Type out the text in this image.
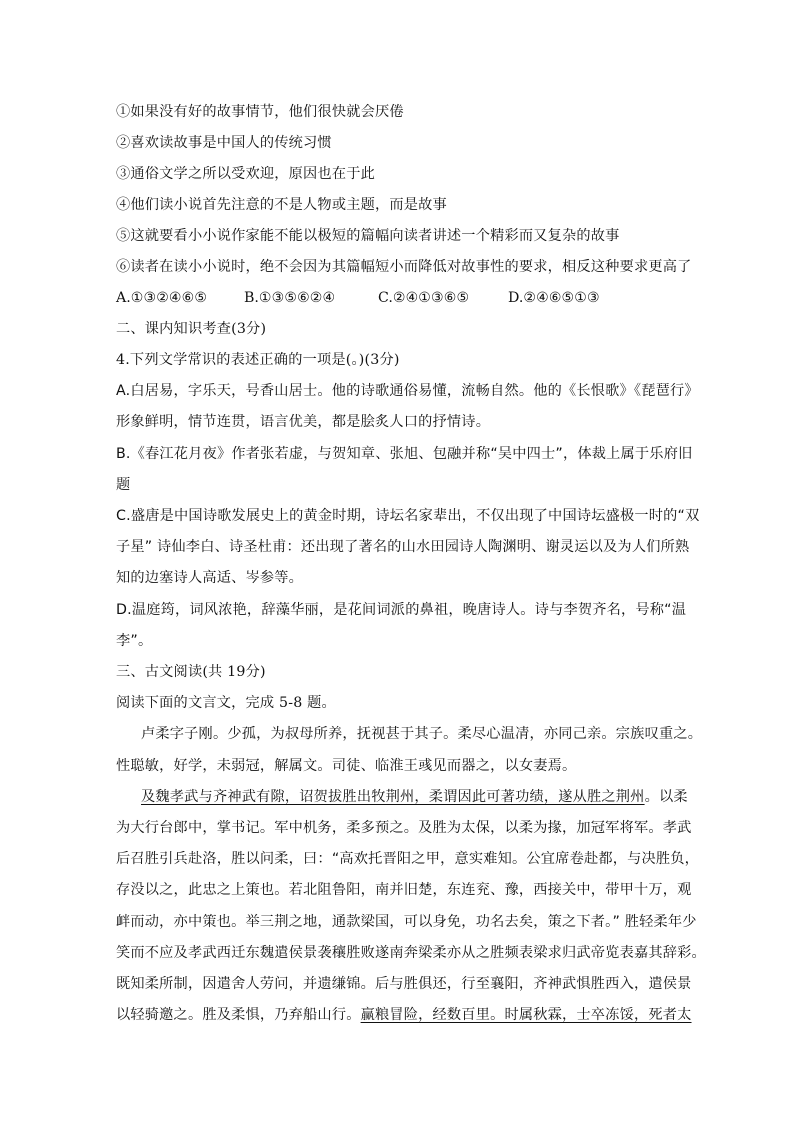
①如果没有好的故事情节，他们很快就会厌倦
②喜欢读故事是中国人的传统习惯
③通俗文学之所以受欢迎，原因也在于此
④他们读小说首先注意的不是人物或主题，而是故事
⑤这就要看小小说作家能不能以极短的篇幅向读者讲述一个精彩而又复杂的故事
⑥读者在读小小说时，绝不会因为其篇幅短小而降低对故事性的要求，相反这种要求更高了
A.①③②④⑥⑤	B.①③⑤⑥②④	C.②④①③⑥⑤	D.②④⑥⑤①③
二、课内知识考查(3分)
4.下列文学常识的表述正确的一项是(。)(3分)
A.白居易，字乐天，号香山居士。他的诗歌通俗易懂，流畅自然。他的《长恨歌》《琵琶行》
形象鲜明，情节连贯，语言优美，都是脍炙人口的抒情诗。
B.《春江花月夜》作者张若虚，与贺知章、张旭、包融并称“吴中四士”，体裁上属于乐府旧
题
C.盛唐是中国诗歌发展史上的黄金时期，诗坛名家辈出，不仅出现了中国诗坛盛极一时的“双
子星” 诗仙李白、诗圣杜甫：还出现了著名的山水田园诗人陶渊明、谢灵运以及为人们所熟
知的边塞诗人高适、岑参等。
D.温庭筠，词风浓艳，辞藻华丽，是花间词派的鼻祖，晚唐诗人。诗与李贺齐名，号称“温
李”。
三、古文阅读(共 19分)
阅读下面的文言文，完成 5-8 题。
卢柔字子刚。少孤，为叔母所养，抚视甚于其子。柔尽心温凊，亦同己亲。宗族叹重之。
性聪敏，好学，未弱冠，解属文。司徒、临淮王彧见而器之，以女妻焉。
及魏孝武与齐神武有隙，诏贺拔胜出牧荆州，柔谓因此可著功绩，遂从胜之荆州。以柔
为大行台郎中，掌书记。军中机务，柔多预之。及胜为太保，以柔为掾，加冠军将军。孝武
后召胜引兵赴洛，胜以问柔，曰：“高欢托晋阳之甲，意实难知。公宜席卷赴都，与决胜负，
存没以之，此忠之上策也。若北阻鲁阳，南并旧楚，东连兖、豫，西接关中，带甲十万，观
衅而动，亦中策也。举三荆之地，通款梁国，可以身免，功名去矣，策之下者。” 胜轻柔年少
笑而不应及孝武西迁东魏遣侯景袭穰胜败遂南奔梁柔亦从之胜频表梁求归武帝览表嘉其辞彩。
既知柔所制，因遣舍人劳问，并遗缣锦。后与胜俱还，行至襄阳，齐神武惧胜西入，遣侯景
以轻骑邀之。胜及柔惧，乃弃船山行。赢粮冒险，经数百里。时属秋霖，士卒冻馁，死者太
